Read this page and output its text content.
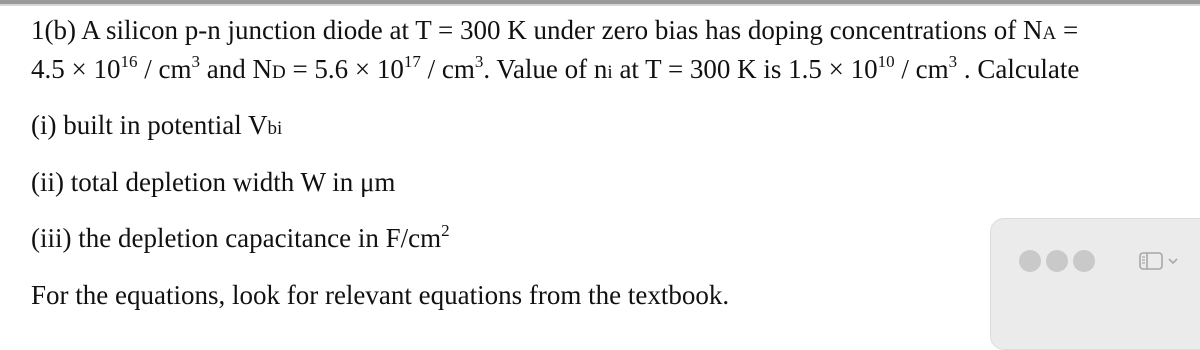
1(b) A silicon p-n junction diode at T = 300 K under zero bias has doping concentrations of NA =
$4.5 \times 10^{16} / cm^3$ and ND = $5.6 \times 10^{17} / cm^3$. Value of ni at T = 300 K is $1.5 \times 10^{10} / cm^3$ . Calculate
(i) built in potential Vbi
(ii) total depletion width W in μm
(iii) the depletion capacitance in $F/cm^2$
For the equations, look for relevant equations from the textbook.
